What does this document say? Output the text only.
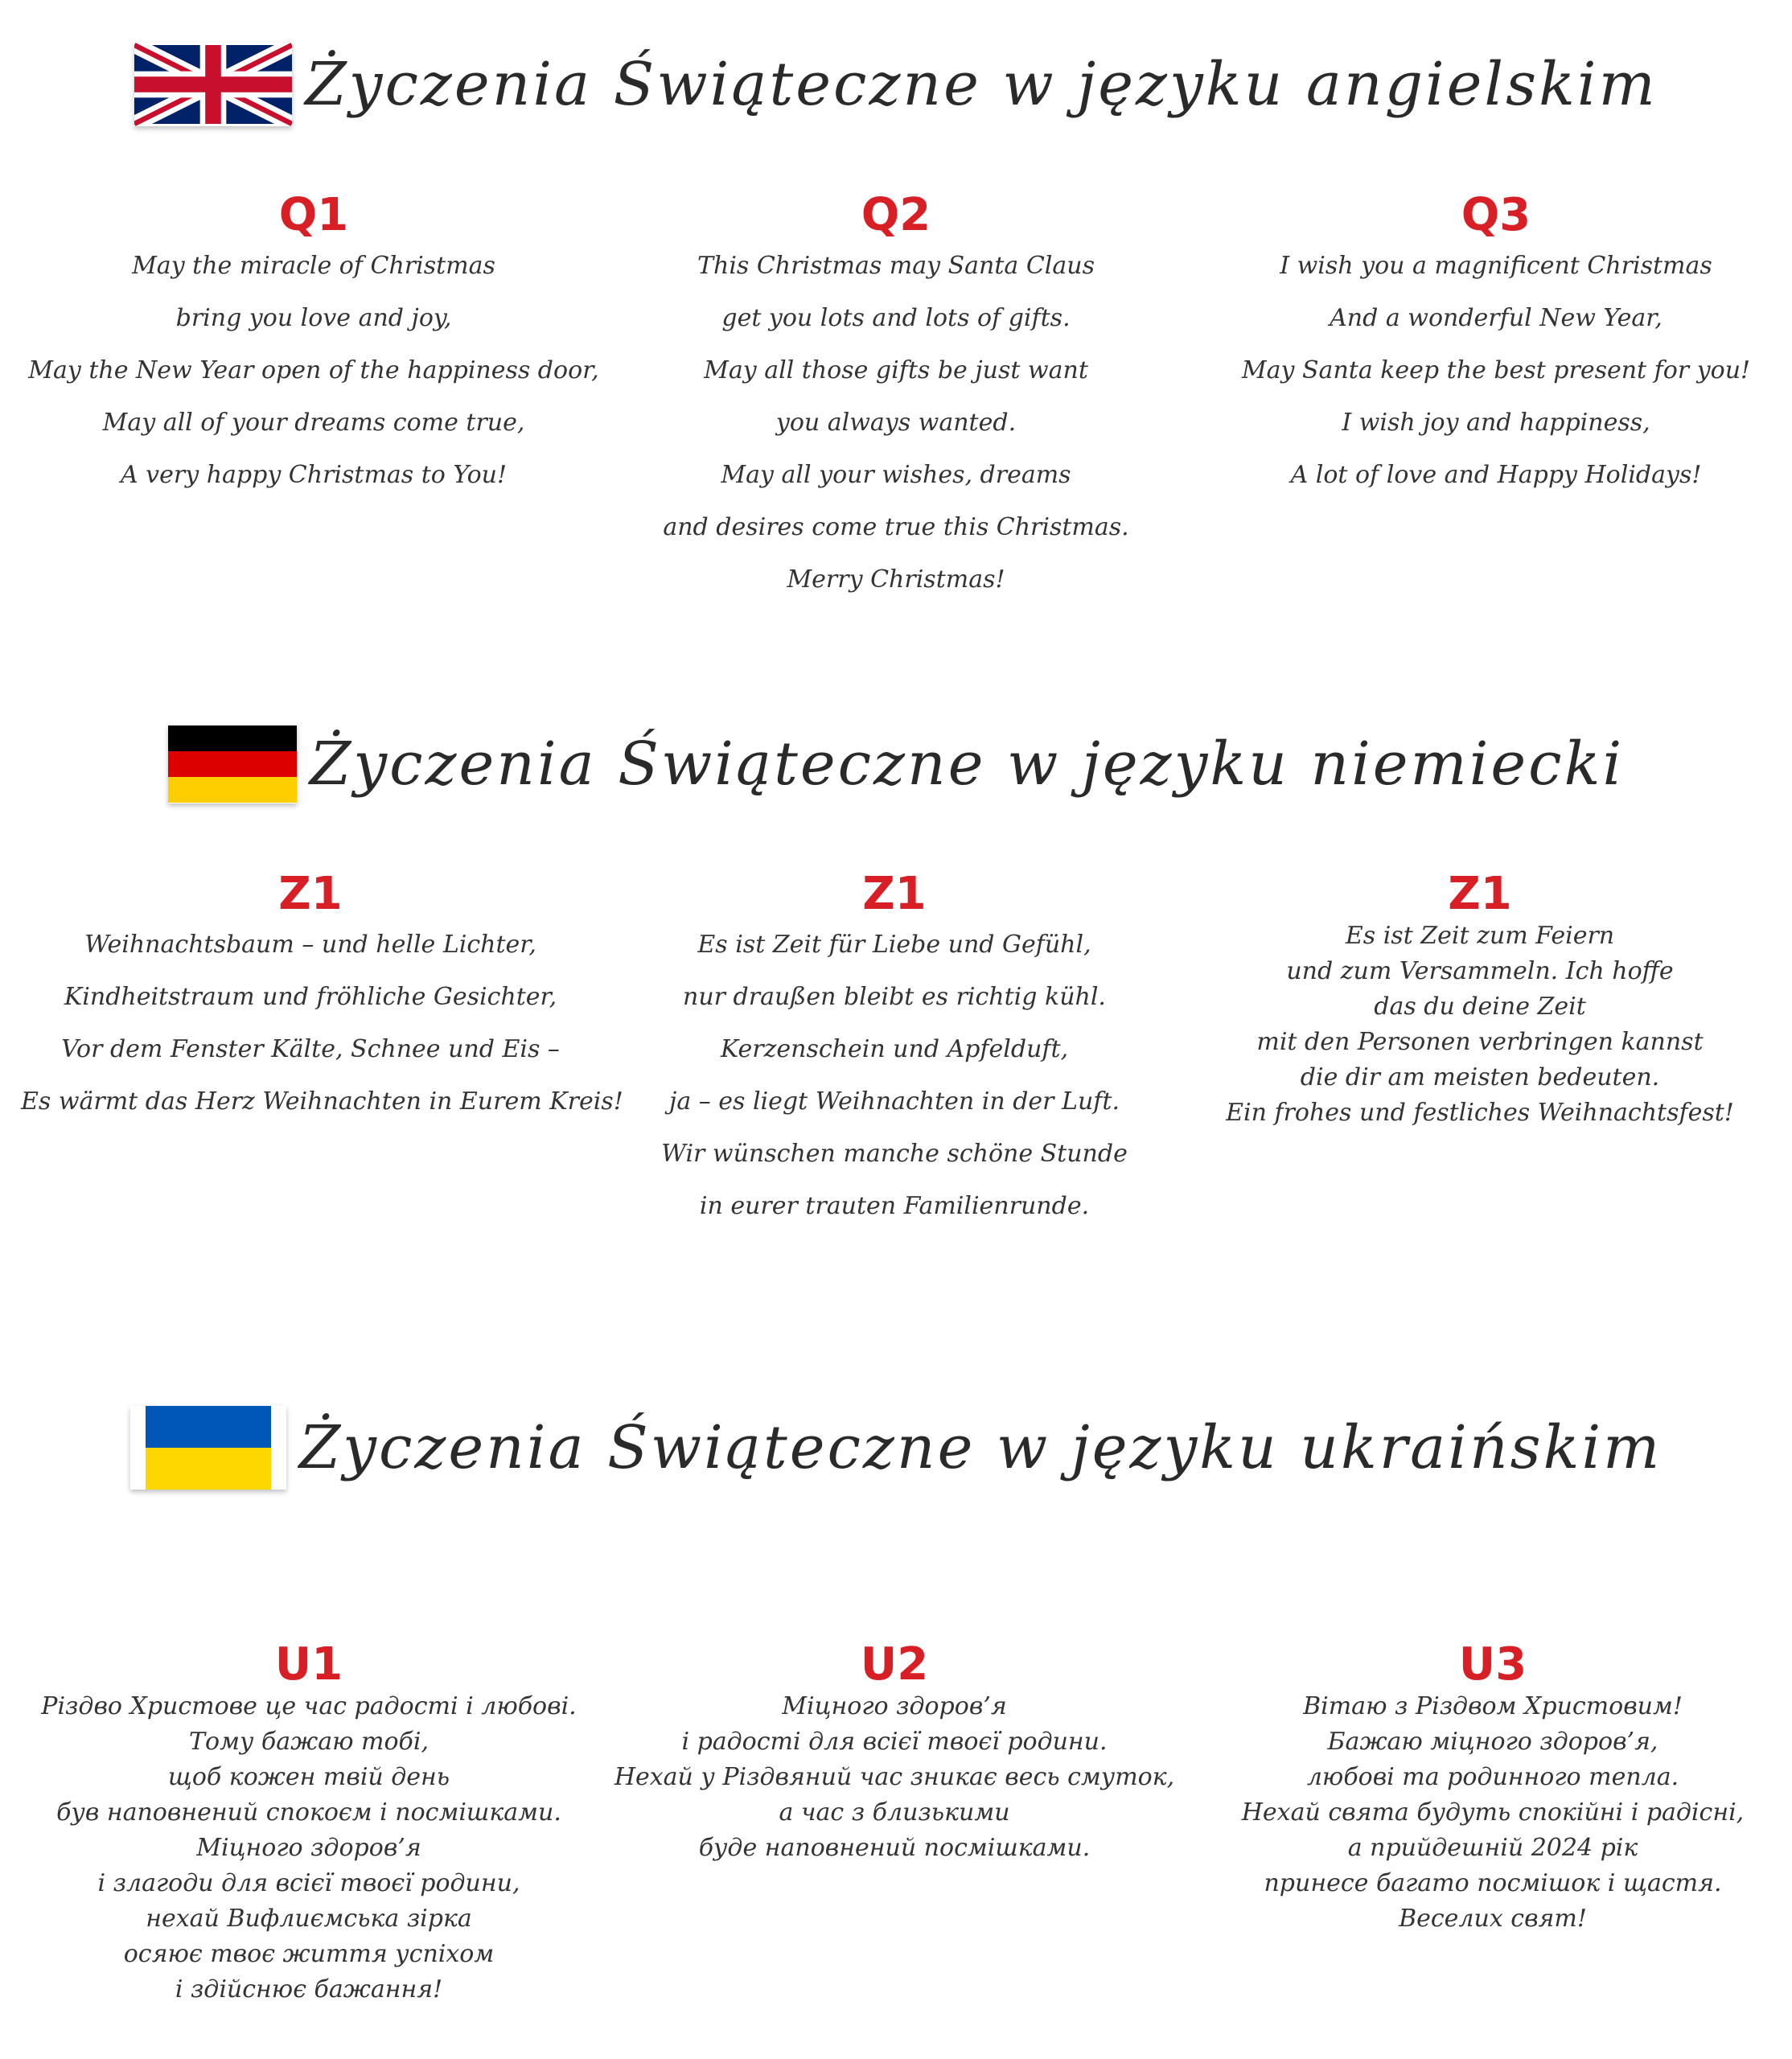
Życzenia Świąteczne w języku angielskim
Q1
May the miracle of Christmas
bring you love and joy,
May the New Year open of the happiness door,
May all of your dreams come true,
A very happy Christmas to You!
Q2
This Christmas may Santa Claus
get you lots and lots of gifts.
May all those gifts be just want
you always wanted.
May all your wishes, dreams
and desires come true this Christmas.
Merry Christmas!
Q3
I wish you a magnificent Christmas
And a wonderful New Year,
May Santa keep the best present for you!
I wish joy and happiness,
A lot of love and Happy Holidays!
Życzenia Świąteczne w języku niemiecki
Z1
Weihnachtsbaum – und helle Lichter,
Kindheitstraum und fröhliche Gesichter,
Vor dem Fenster Kälte, Schnee und Eis –
Es wärmt das Herz Weihnachten in Eurem Kreis!
Z1
Es ist Zeit für Liebe und Gefühl,
nur draußen bleibt es richtig kühl.
Kerzenschein und Apfelduft,
ja – es liegt Weihnachten in der Luft.
Wir wünschen manche schöne Stunde
in eurer trauten Familienrunde.
Z1
Es ist Zeit zum Feiern
und zum Versammeln. Ich hoffe
das du deine Zeit
mit den Personen verbringen kannst
die dir am meisten bedeuten.
Ein frohes und festliches Weihnachtsfest!
Życzenia Świąteczne w języku ukraińskim
U1
Різдво Христове це час радості і любові.
Тому бажаю тобі,
щоб кожен твій день
був наповнений спокоєм і посмішками.
Міцного здоров’я
і злагоди для всієї твоєї родини,
нехай Вифлиємська зірка
осяює твоє життя успіхом
і здійснює бажання!
U2
Міцного здоров’я
і радості для всієї твоєї родини.
Нехай у Різдвяний час зникає весь смуток,
а час з близькими
буде наповнений посмішками.
U3
Вітаю з Різдвом Христовим!
Бажаю міцного здоров’я,
любові та родинного тепла.
Нехай свята будуть спокійні і радісні,
а прийдешній 2024 рік
принесе багато посмішок і щастя.
Веселих свят!
